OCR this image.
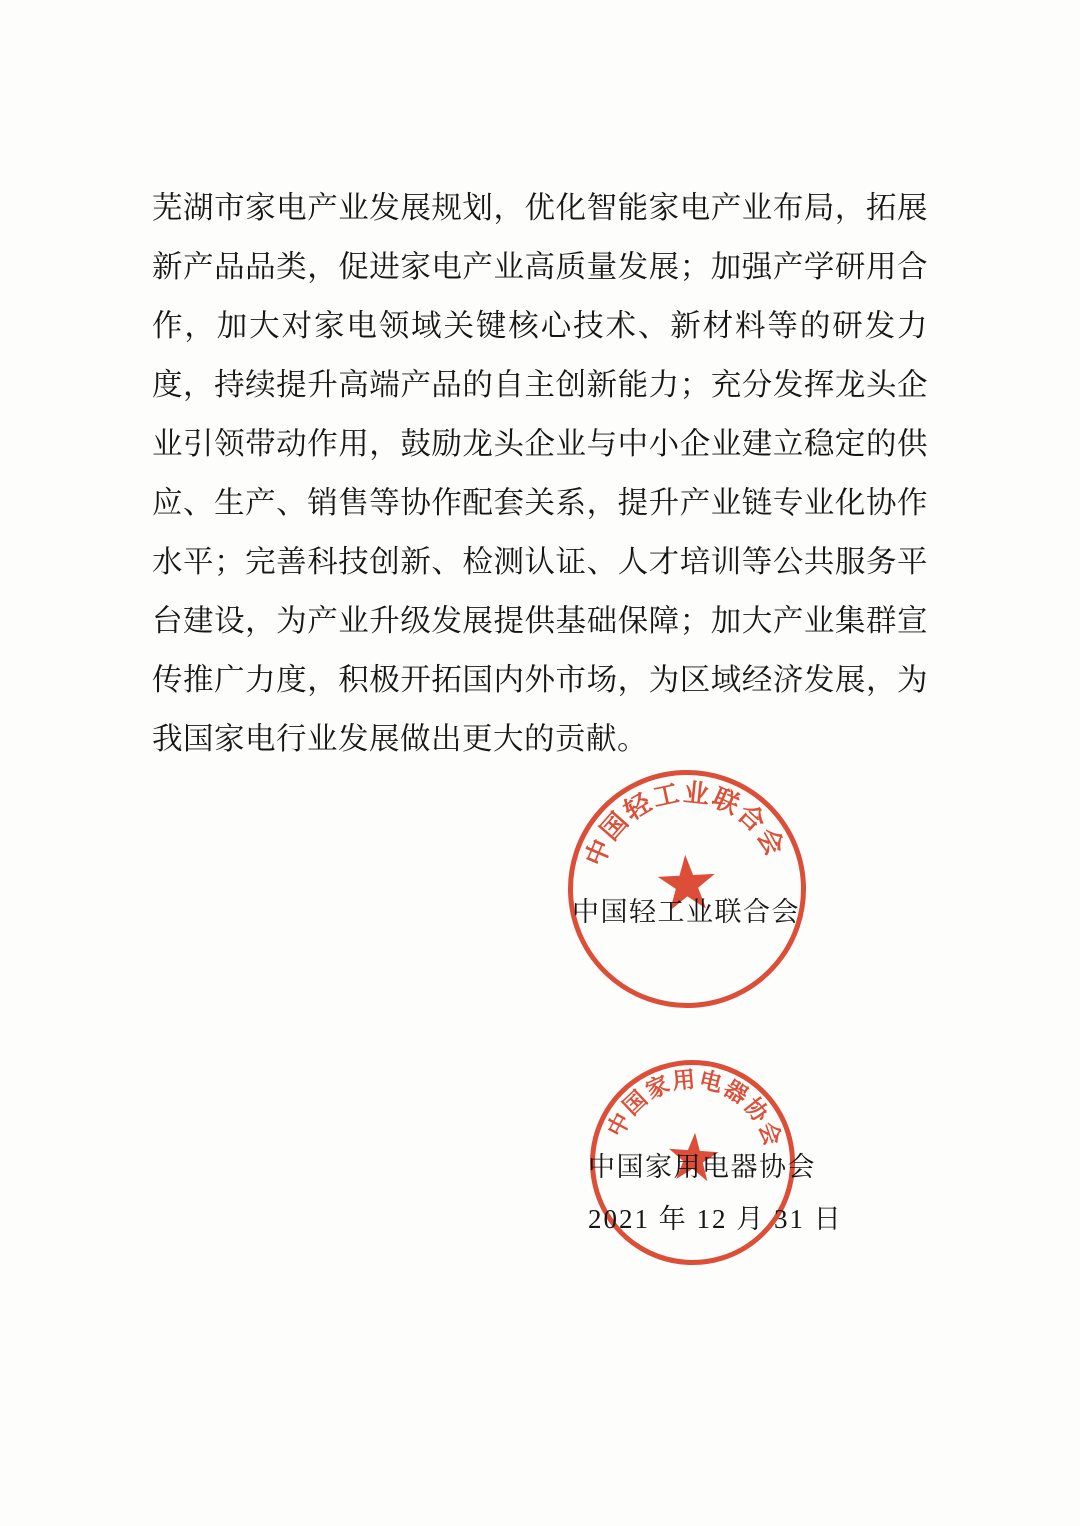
芜湖市家电产业发展规划，优化智能家电产业布局，拓展新产品品类，促进家电产业高质量发展；加强产学研用合作，加大对家电领域关键核心技术、新材料等的研发力度，持续提升高端产品的自主创新能力；充分发挥龙头企业引领带动作用，鼓励龙头企业与中小企业建立稳定的供应、生产、销售等协作配套关系，提升产业链专业化协作水平；完善科技创新、检测认证、人才培训等公共服务平台建设，为产业升级发展提供基础保障；加大产业集群宣传推广力度，积极开拓国内外市场，为区域经济发展，为我国家电行业发展做出更大的贡献。

中国轻工业联合会
中国家用电器协会
中国轻工业联合会
中国家用电器协会
2021 年 12 月 31 日
